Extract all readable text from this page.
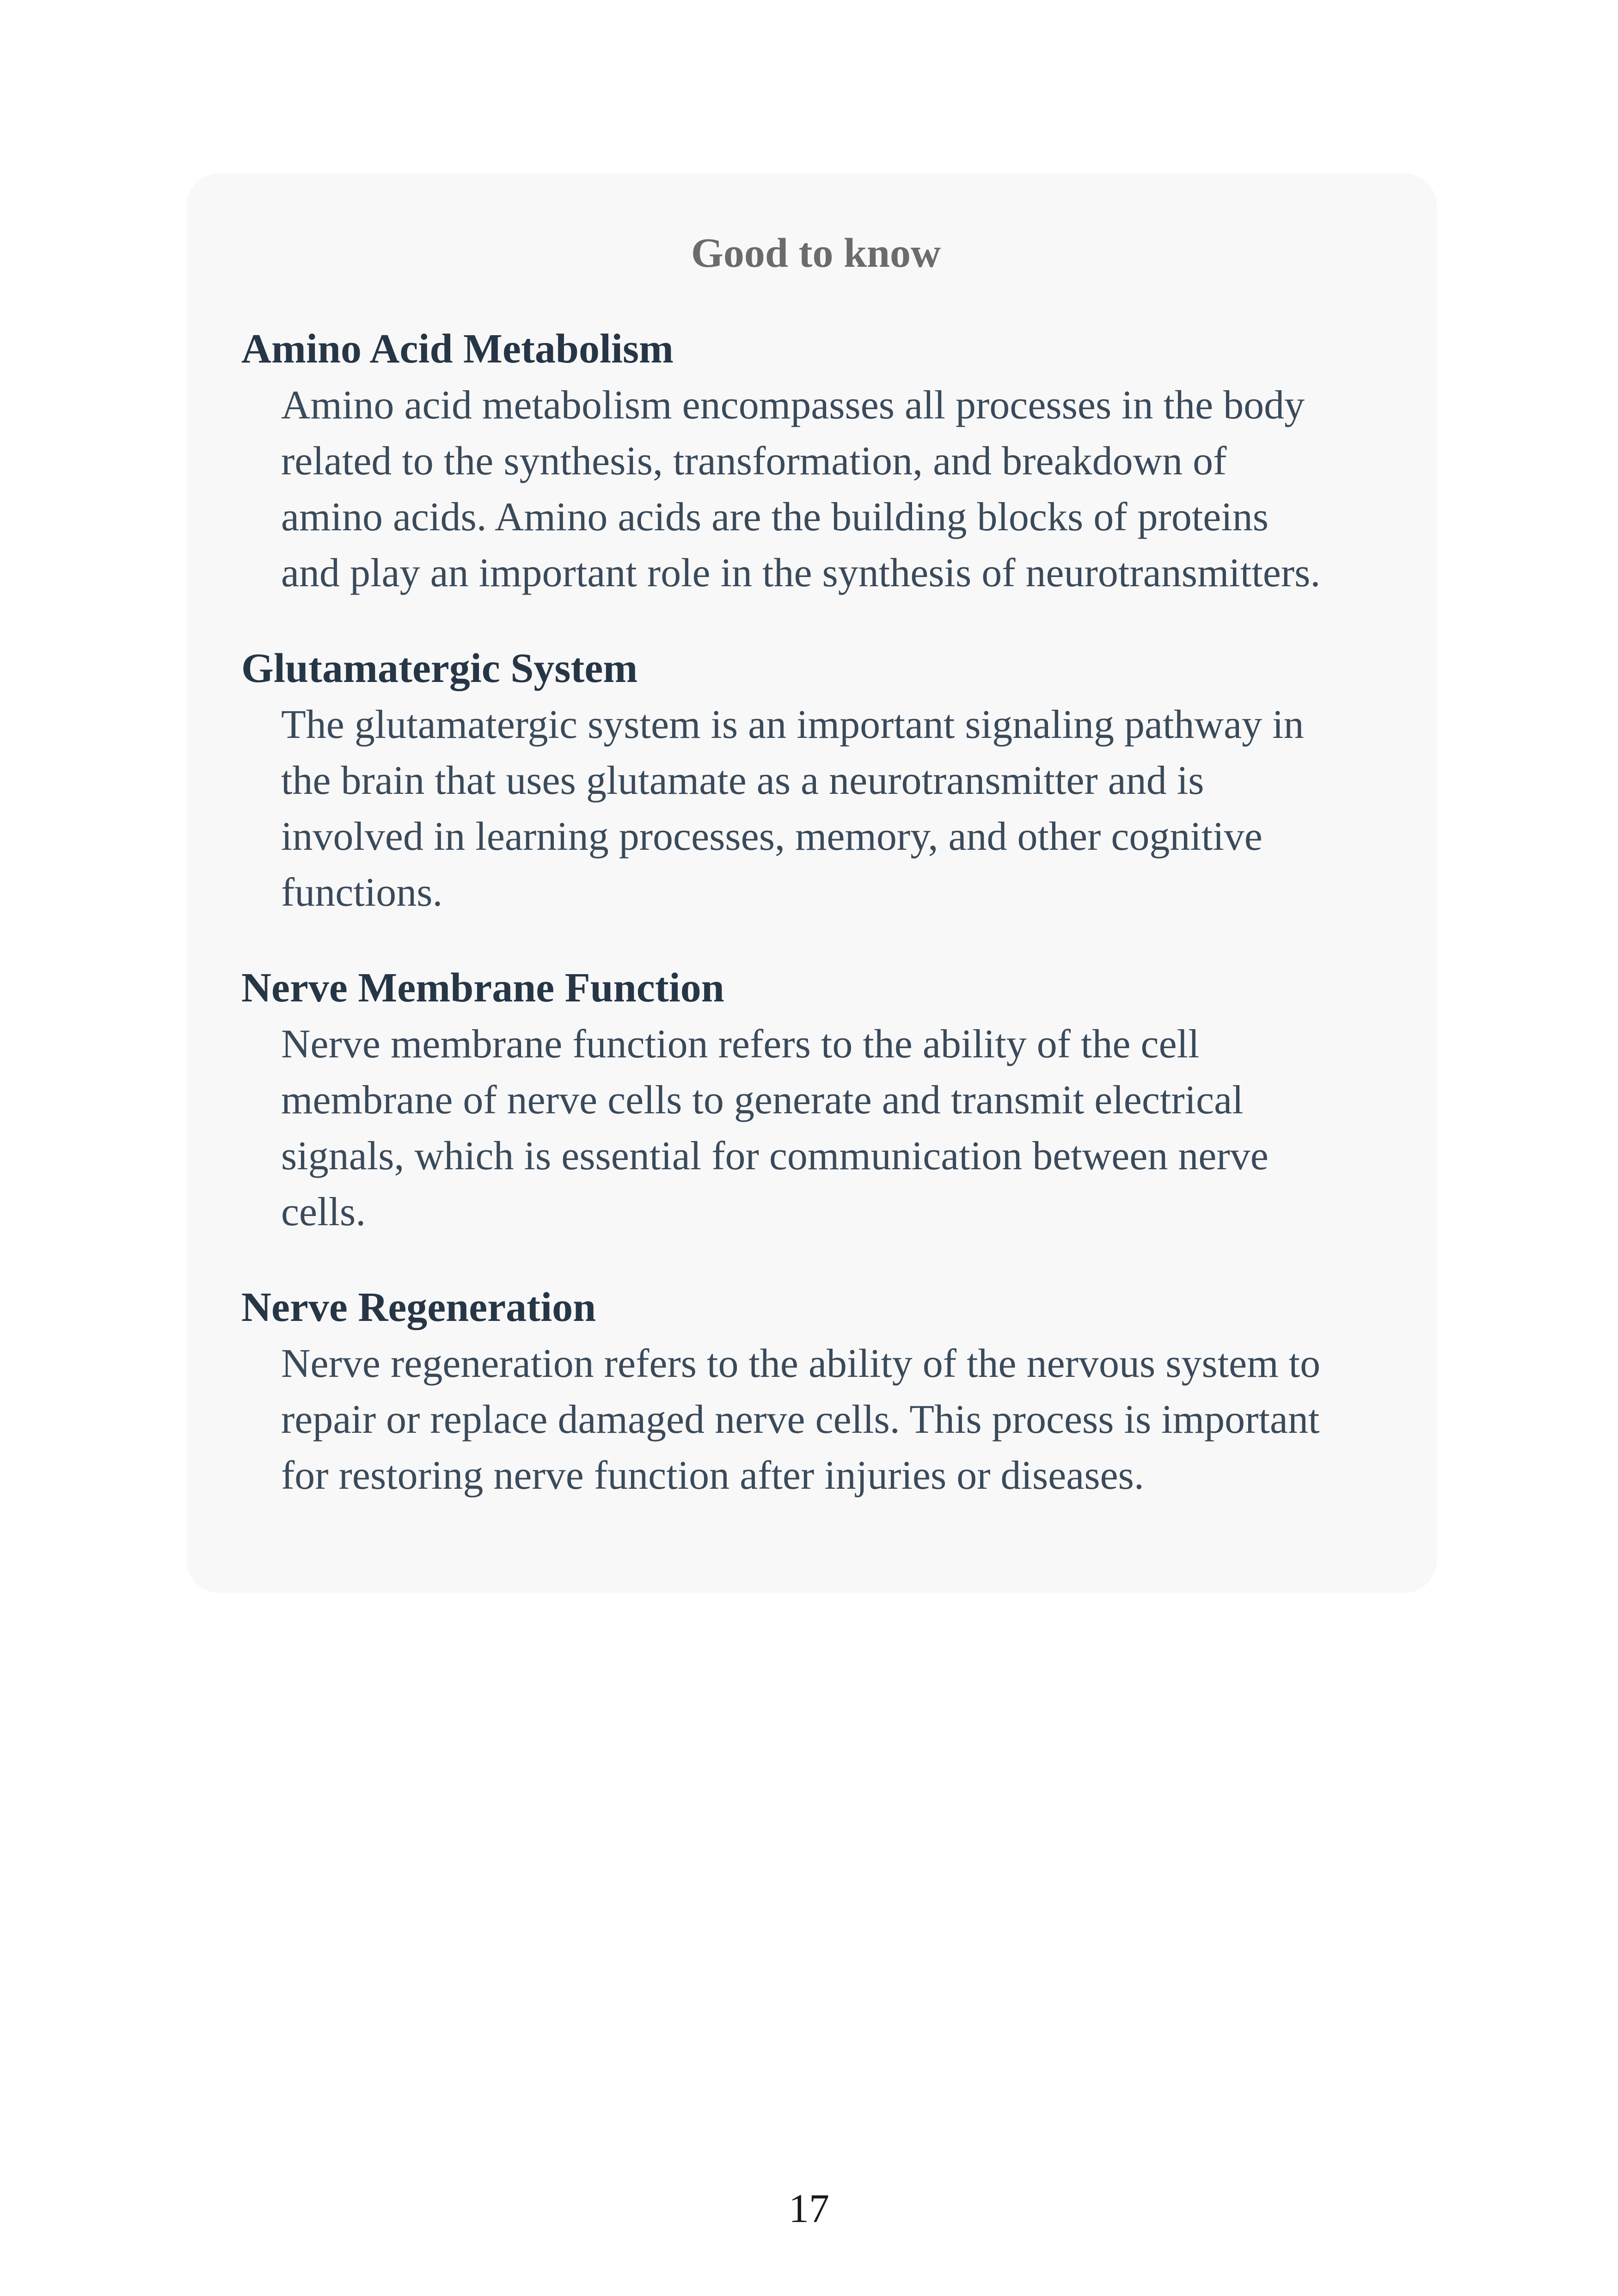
Good to know
Amino Acid Metabolism

Amino acid metabolism encompasses all processes in the body
related to the synthesis, transformation, and breakdown of
amino acids. Amino acids are the building blocks of proteins
and play an important role in the synthesis of neurotransmitters.

Glutamatergic System

The glutamatergic system is an important signaling pathway in
the brain that uses glutamate as a neurotransmitter and is
involved in learning processes, memory, and other cognitive
functions.

Nerve Membrane Function

Nerve membrane function refers to the ability of the cell
membrane of nerve cells to generate and transmit electrical
signals, which is essential for communication between nerve
cells.

Nerve Regeneration

Nerve regeneration refers to the ability of the nervous system to
repair or replace damaged nerve cells. This process is important
for restoring nerve function after injuries or diseases.

17
